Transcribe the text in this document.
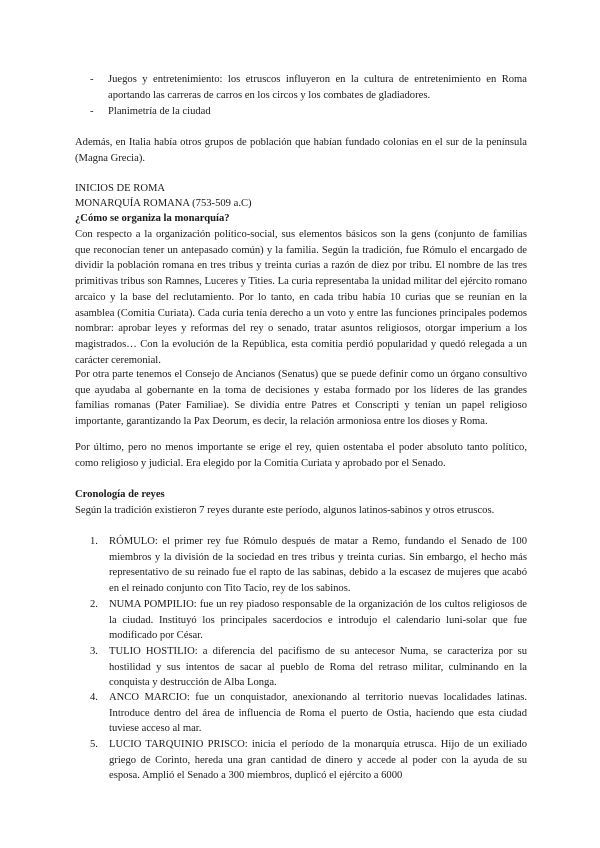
- Juegos y entretenimiento: los etruscos influyeron en la cultura de entretenimiento en Roma aportando las carreras de carros en los circos y los combates de gladiadores.
- Planimetría de la ciudad

Además, en Italia había otros grupos de población que habían fundado colonias en el sur de la península (Magna Grecia).

INICIOS DE ROMA
MONARQUÍA ROMANA (753-509 a.C)
¿Cómo se organiza la monarquía?

Con respecto a la organización político-social, sus elementos básicos son la gens (conjunto de familias que reconocían tener un antepasado común) y la familia. Según la tradición, fue Rómulo el encargado de dividir la población romana en tres tribus y treinta curias a razón de diez por tribu. El nombre de las tres primitivas tribus son Ramnes, Luceres y Tities. La curia representaba la unidad militar del ejército romano arcaico y la base del reclutamiento. Por lo tanto, en cada tribu había 10 curias que se reunían en la asamblea (Comitia Curiata). Cada curia tenía derecho a un voto y entre las funciones principales podemos nombrar: aprobar leyes y reformas del rey o senado, tratar asuntos religiosos, otorgar imperium a los magistrados… Con la evolución de la República, esta comitia perdió popularidad y quedó relegada a un carácter ceremonial.

Por otra parte tenemos el Consejo de Ancianos (Senatus) que se puede definir como un órgano consultivo que ayudaba al gobernante en la toma de decisiones y estaba formado por los líderes de las grandes familias romanas (Pater Familiae). Se dividía entre Patres et Conscripti y tenían un papel religioso importante, garantizando la Pax Deorum, es decir, la relación armoniosa entre los dioses y Roma.

Por último, pero no menos importante se erige el rey, quien ostentaba el poder absoluto tanto político, como religioso y judicial. Era elegido por la Comitia Curiata y aprobado por el Senado.

Cronología de reyes

Según la tradición existieron 7 reyes durante este período, algunos latinos-sabinos y otros etruscos.

1. RÓMULO: el primer rey fue Rómulo después de matar a Remo, fundando el Senado de 100 miembros y la división de la sociedad en tres tribus y treinta curias. Sin embargo, el hecho más representativo de su reinado fue el rapto de las sabinas, debido a la escasez de mujeres que acabó en el reinado conjunto con Tito Tacio, rey de los sabinos.
2. NUMA POMPILIO: fue un rey piadoso responsable de la organización de los cultos religiosos de la ciudad. Instituyó los principales sacerdocios e introdujo el calendario luni-solar que fue modificado por César.
3. TULIO HOSTILIO: a diferencia del pacifismo de su antecesor Numa, se caracteriza por su hostilidad y sus intentos de sacar al pueblo de Roma del retraso militar, culminando en la conquista y destrucción de Alba Longa.
4. ANCO MARCIO: fue un conquistador, anexionando al territorio nuevas localidades latinas. Introduce dentro del área de influencia de Roma el puerto de Ostia, haciendo que esta ciudad tuviese acceso al mar.
5. LUCIO TARQUINIO PRISCO: inicia el período de la monarquía etrusca. Hijo de un exiliado griego de Corinto, hereda una gran cantidad de dinero y accede al poder con la ayuda de su esposa. Amplió el Senado a 300 miembros, duplicó el ejército a 6000
